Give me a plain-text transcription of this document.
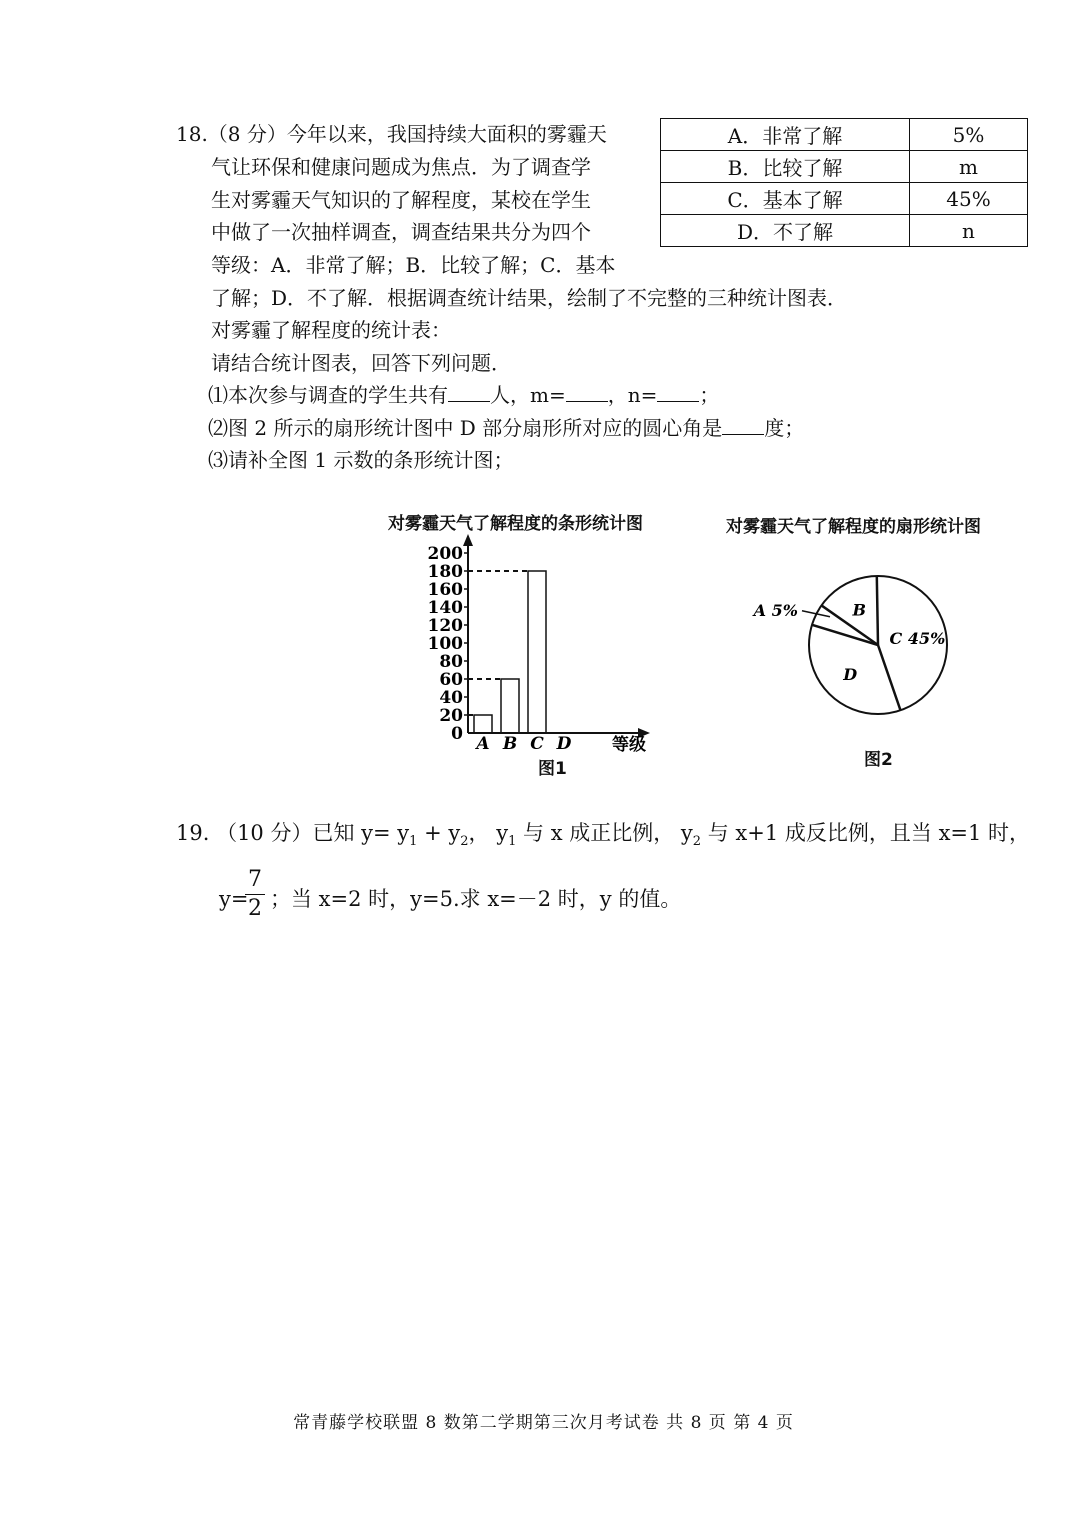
18.（8 分）今年以来，我国持续大面积的雾霾天
气让环保和健康问题成为焦点．为了调查学
生对雾霾天气知识的了解程度，某校在学生
中做了一次抽样调查，调查结果共分为四个
等级：A．非常了解；B．比较了解；C．基本
了解；D．不了解．根据调查统计结果，绘制了不完整的三种统计图表．
对雾霾了解程度的统计表：
请结合统计图表，回答下列问题．
⑴本次参与调查的学生共有 人，m= ，n= ；
⑵图 2 所示的扇形统计图中 D 部分扇形所对应的圆心角是 度；
⑶请补全图 1 示数的条形统计图；
A．非常了解	5%
B．比较了解	m
C．基本了解	45%
D．不了解	n
对雾霾天气了解程度的条形统计图
0
20
40
60
80
100
120
140
160
180
200
A B C D 等级
图1
对雾霾天气了解程度的扇形统计图
A 5%	B
C 45%
D
图2
19. （10 分）已知 $y= y_1 + y_2$， $y_1$ 与 x 成正比例， $y_2$ 与 x+1 成反比例，且当 x=1 时，
y=
7
2 ；当 x=2 时，y=5.求 x=－2 时，y 的值。
常青藤学校联盟 8 数第二学期第三次月考试卷 共 8 页 第 4 页
